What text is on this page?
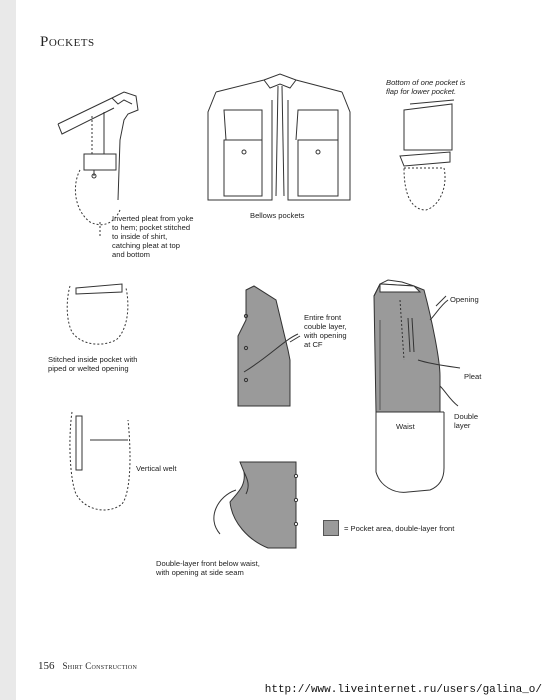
Pockets
Inverted pleat from yoke
to hem; pocket stitched
to inside of shirt,
catching pleat at top
and bottom
Bellows pockets
Bottom of one pocket is
flap for lower pocket.
Stitched inside pocket with
piped or welted opening
Entire front
couble layer,
with opening
at CF
Opening
Pleat
Double
layer
Waist
Vertical welt
= Pocket area, double-layer front
Double-layer front below waist,
with opening at side seam
156 Shirt Construction
http://www.liveinternet.ru/users/galina_o/
